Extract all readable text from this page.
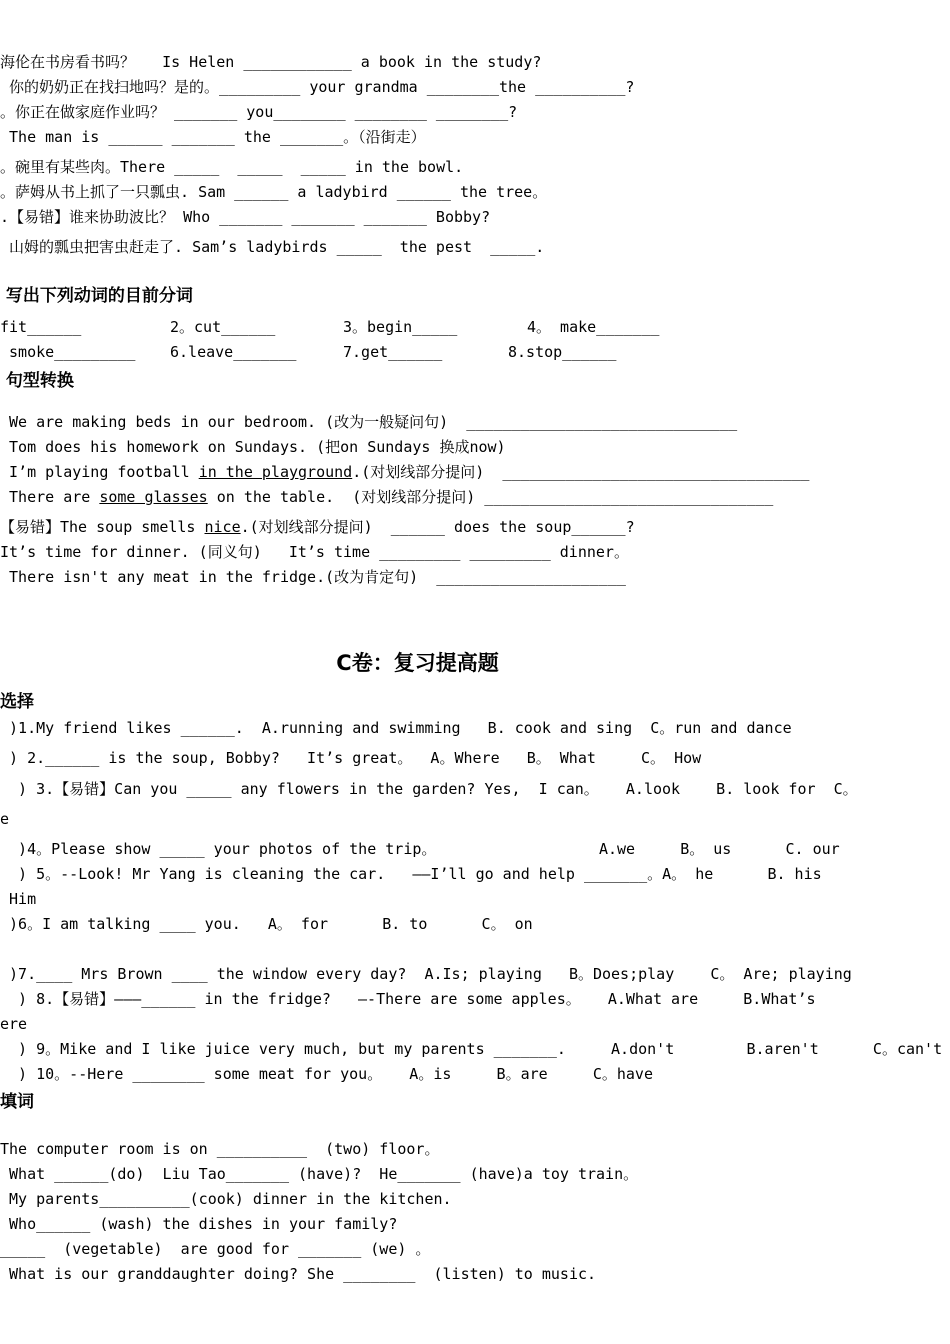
海伦在书房看书吗？   Is Helen ____________ a book in the study?
你的奶奶正在找扫地吗？是的。_________ your grandma ________the __________?
。你正在做家庭作业吗？ _______ you________ ________ ________?
The man is ______ _______ the _______。（沿街走）
。碗里有某些肉。There _____  _____  _____ in the bowl.
。萨姆从书上抓了一只瓢虫. Sam ______ a ladybird ______ the tree。
.【易错】谁来协助波比？ Who _______ _______ _______ Bobby?
山姆的瓢虫把害虫赶走了. Sam’s ladybirds _____  the pest  _____.
写出下列动词的目前分词
fit______	2。cut______	3。begin_____	4。 make_______
smoke_________ 6.leave_______	7.get______	8.stop______
句型转换
We are making beds in our bedroom. (改为一般疑问句)  ______________________________
Tom does his homework on Sundays. (把on Sundays 换成now)
I’m playing football in the playground.(对划线部分提问)  __________________________________
There are some glasses on the table.  (对划线部分提问) ________________________________
【易错】The soup smells nice.(对划线部分提问)  ______ does the soup______?
It’s time for dinner. (同义句)   It’s time _________ _________ dinner。
There isn't any meat in the fridge.(改为肯定句)  _____________________
C卷：复习提高题
选择
)1.My friend likes ______.  A.running and swimming   B. cook and sing  C。run and dance
) 2.______ is the soup, Bobby?   It’s great。  A。Where   B。 What     C。 How
) 3.【易错】Can you _____ any flowers in the garden? Yes,  I can。   A.look    B. look for  C。
e
)4。Please show _____ your photos of the trip。                  A.we     B。 us      C. our
) 5。--Look! Mr Yang is cleaning the car.   ——I’ll go and help _______。A。 he      B. his
Him
)6。I am talking ____ you.   A。 for      B. to      C。 on
)7.____ Mrs Brown ____ the window every day?  A.Is; playing   B。Does;play    C。 Are; playing
) 8.【易错】———______ in the fridge?   —-There are some apples。   A.What are     B.What’s
ere
) 9。Mike and I like juice very much, but my parents _______.     A.don't        B.aren't      C。can't
) 10。--Here ________ some meat for you。   A。is     B。are     C。have
填词
The computer room is on __________  (two) floor。
What ______(do)  Liu Tao_______ (have)?  He_______ (have)a toy train。
My parents__________(cook) dinner in the kitchen.
Who______ (wash) the dishes in your family?
_____  (vegetable)  are good for _______ (we) 。
What is our granddaughter doing? She ________  (listen) to music.
